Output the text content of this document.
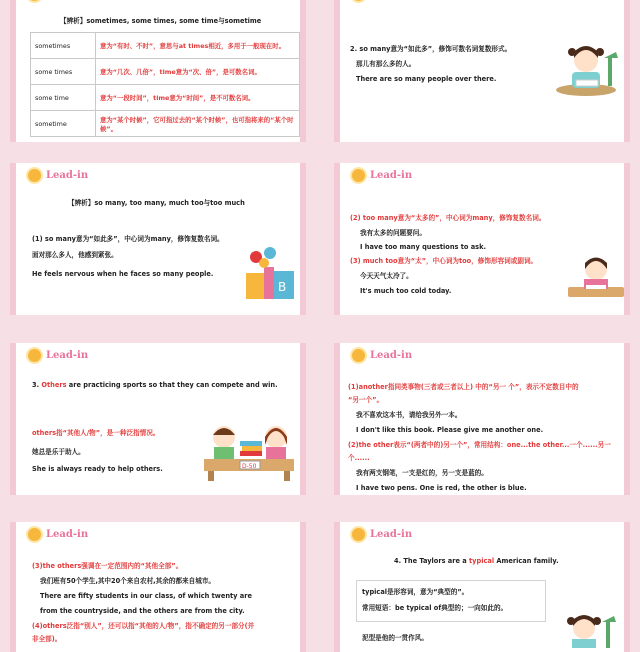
【辨析】sometimes, some times, some time与sometime
sometimes	意为“有时、不时”，意思与at times相近，多用于一般现在时。
some times	意为“几次、几倍”，time意为“次、倍”，是可数名词。
some time	意为“一段时间”，time意为“时间”，是不可数名词。
sometime	意为“某个时候”，它可指过去的“某个时候”，也可指将来的“某个时候”。
2. so many意为“如此多”，修饰可数名词复数形式。
那儿有那么多的人。
There are so many people over there.
Lead-in
【辨析】so many, too many, much too与too much
(1) so many意为“如此多”，中心词为many，修饰复数名词。
面对那么多人，他感到紧张。
He feels nervous when he faces so many people.
B
Lead-in
(2) too many意为“太多的”，中心词为many，修饰复数名词。
我有太多的问题要问。
I have too many questions to ask.
(3) much too意为“太”，中心词为too，修饰形容词或副词。
今天天气太冷了。
It's much too cold today.
Lead-in
3. Others are practicing sports so that they can compete and win.
others指“其他人/物”，是一种泛指情况。
她总是乐于助人。
She is always ready to help others.	D-50
Lead-in
(1)another指同类事物(三者或三者以上) 中的“另一 个”，表示不定数目中的
“另一个”。
我不喜欢这本书，请给我另外一本。
I don't like this book. Please give me another one.
(2)the other表示“(两者中的)另一个”，常用结构：one...the other...一个......另一
个......
我有两支钢笔，一支是红的，另一支是蓝的。
I have two pens. One is red, the other is blue.
Lead-in
(3)the others强调在一定范围内的“其他全部”。
我们班有50个学生,其中20个来自农村,其余的都来自城市。
There are fifty students in our class, of which twenty are
from the countryside, and the others are from the city.
(4)others泛指“别人”，还可以指“其他的人/物”，指不确定的另一部分(并
非全部)。
Lead-in
4. The Taylors are a typical American family.
typical是形容词，意为“典型的”。
常用短语：be typical of典型的；一向如此的。
泥型是他的一贯作风。
